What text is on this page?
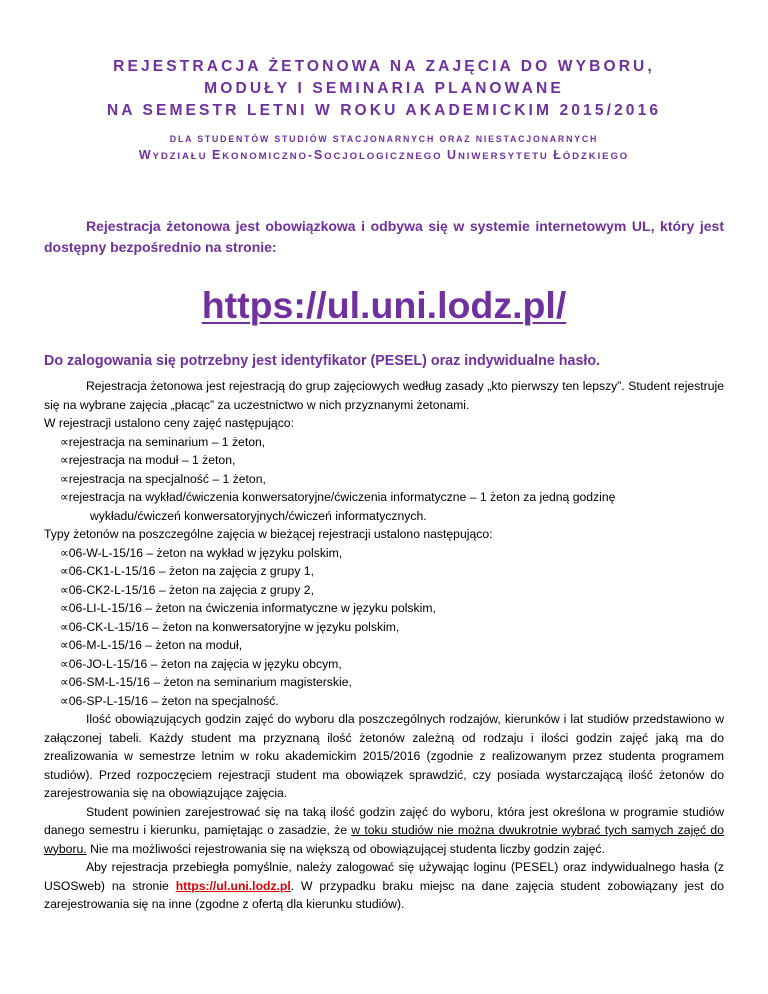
REJESTRACJA ŻETONOWA NA ZAJĘCIA DO WYBORU,
MODUŁY I SEMINARIA PLANOWANE
NA SEMESTR LETNI W ROKU AKADEMICKIM 2015/2016
DLA STUDENTÓW STUDIÓW STACJONARNYCH ORAZ NIESTACJONARNYCH
WYDZIAŁU EKONOMICZNO-SOCJOLOGICZNEGO UNIWERSYTETU ŁÓDZKIEGO

Rejestracja żetonowa jest obowiązkowa i odbywa się w systemie internetowym UL, który jest dostępny bezpośrednio na stronie:

https://ul.uni.lodz.pl/
Do zalogowania się potrzebny jest identyfikator (PESEL) oraz indywidualne hasło.

Rejestracja żetonowa jest rejestracją do grup zajęciowych według zasady „kto pierwszy ten lepszy”. Student rejestruje się na wybrane zajęcia „płacąc” za uczestnictwo w nich przyznanymi żetonami.

W rejestracji ustalono ceny zajęć następująco:

∝rejestracja na seminarium – 1 żeton,
∝rejestracja na moduł – 1 żeton,
∝rejestracja na specjalność – 1 żeton,
∝rejestracja na wykład/ćwiczenia konwersatoryjne/ćwiczenia informatyczne – 1 żeton za jedną godzinę
wykładu/ćwiczeń konwersatoryjnych/ćwiczeń informatycznych.

Typy żetonów na poszczególne zajęcia w bieżącej rejestracji ustalono następująco:

∝06-W-L-15/16 – żeton na wykład w języku polskim,
∝06-CK1-L-15/16 – żeton na zajęcia z grupy 1,
∝06-CK2-L-15/16 – żeton na zajęcia z grupy 2,
∝06-LI-L-15/16 – żeton na ćwiczenia informatyczne w języku polskim,
∝06-CK-L-15/16 – żeton na konwersatoryjne w języku polskim,
∝06-M-L-15/16 – żeton na moduł,
∝06-JO-L-15/16 – żeton na zajęcia w języku obcym,
∝06-SM-L-15/16 – żeton na seminarium magisterskie,
∝06-SP-L-15/16 – żeton na specjalność.

Ilość obowiązujących godzin zajęć do wyboru dla poszczególnych rodzajów, kierunków i lat studiów przedstawiono w załączonej tabeli. Każdy student ma przyznaną ilość żetonów zależną od rodzaju i ilości godzin zajęć jaką ma do zrealizowania w semestrze letnim w roku akademickim 2015/2016 (zgodnie z realizowanym przez studenta programem studiów). Przed rozpoczęciem rejestracji student ma obowiązek sprawdzić, czy posiada wystarczającą ilość żetonów do zarejestrowania się na obowiązujące zajęcia.

Student powinien zarejestrować się na taką ilość godzin zajęć do wyboru, która jest określona w programie studiów danego semestru i kierunku, pamiętając o zasadzie, że w toku studiów nie można dwukrotnie wybrać tych samych zajęć do wyboru. Nie ma możliwości rejestrowania się na większą od obowiązującej studenta liczby godzin zajęć.

Aby rejestracja przebiegła pomyślnie, należy zalogować się używając loginu (PESEL) oraz indywidualnego hasła (z USOSweb) na stronie https://ul.uni.lodz.pl. W przypadku braku miejsc na dane zajęcia student zobowiązany jest do zarejestrowania się na inne (zgodne z ofertą dla kierunku studiów).
